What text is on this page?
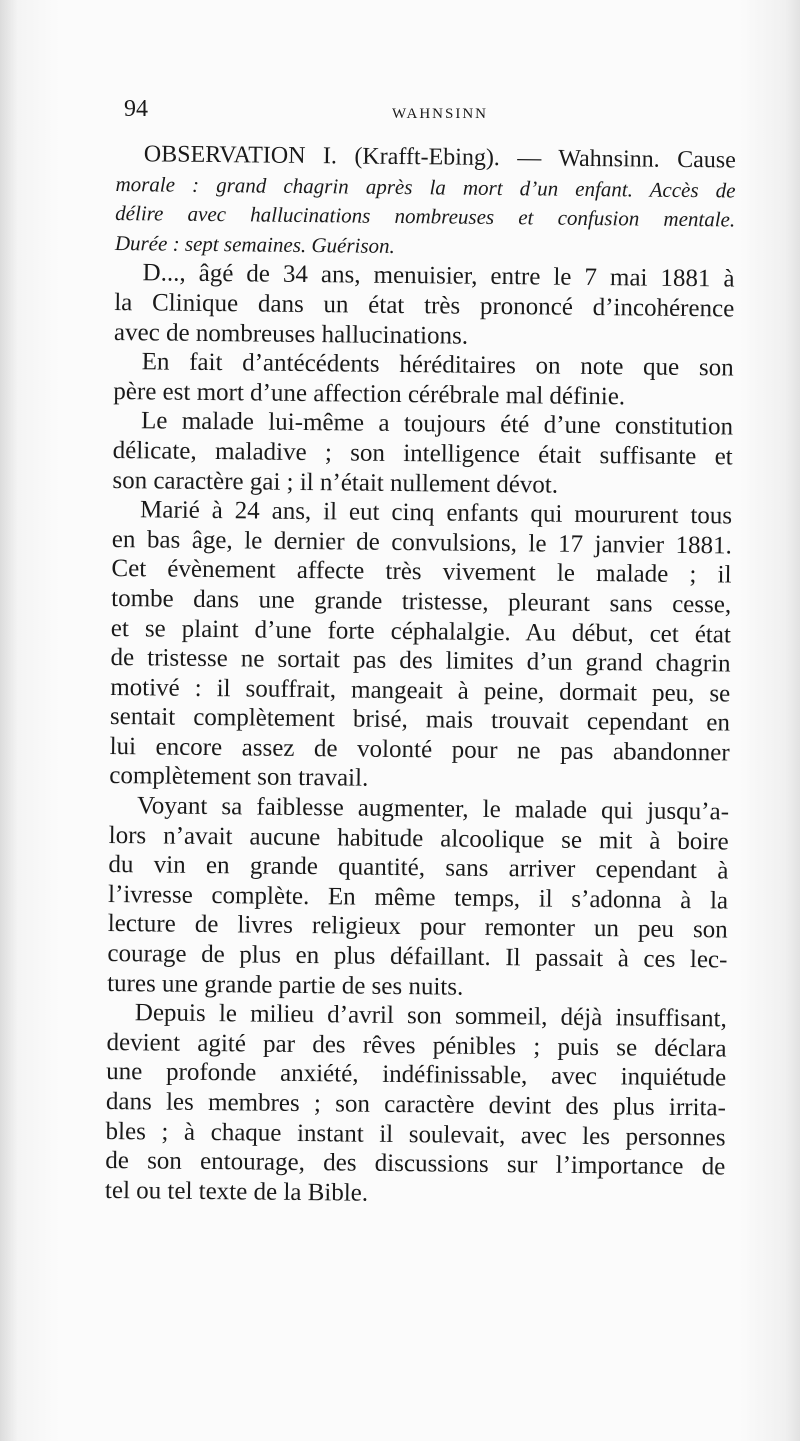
94	WAHNSINN
OBSERVATION I. (Krafft-Ebing). — Wahnsinn. Cause
morale : grand chagrin après la mort d’un enfant. Accès de
délire avec hallucinations nombreuses et confusion mentale.
Durée : sept semaines. Guérison.
D..., âgé de 34 ans, menuisier, entre le 7 mai 1881 à
la Clinique dans un état très prononcé d’incohérence
avec de nombreuses hallucinations.
En fait d’antécédents héréditaires on note que son
père est mort d’une affection cérébrale mal définie.
Le malade lui-même a toujours été d’une constitution
délicate, maladive ; son intelligence était suffisante et
son caractère gai ; il n’était nullement dévot.
Marié à 24 ans, il eut cinq enfants qui moururent tous
en bas âge, le dernier de convulsions, le 17 janvier 1881.
Cet évènement affecte très vivement le malade ; il
tombe dans une grande tristesse, pleurant sans cesse,
et se plaint d’une forte céphalalgie. Au début, cet état
de tristesse ne sortait pas des limites d’un grand chagrin
motivé : il souffrait, mangeait à peine, dormait peu, se
sentait complètement brisé, mais trouvait cependant en
lui encore assez de volonté pour ne pas abandonner
complètement son travail.
Voyant sa faiblesse augmenter, le malade qui jusqu’a-
lors n’avait aucune habitude alcoolique se mit à boire
du vin en grande quantité, sans arriver cependant à
l’ivresse complète. En même temps, il s’adonna à la
lecture de livres religieux pour remonter un peu son
courage de plus en plus défaillant. Il passait à ces lec-
tures une grande partie de ses nuits.
Depuis le milieu d’avril son sommeil, déjà insuffisant,
devient agité par des rêves pénibles ; puis se déclara
une profonde anxiété, indéfinissable, avec inquiétude
dans les membres ; son caractère devint des plus irrita-
bles ; à chaque instant il soulevait, avec les personnes
de son entourage, des discussions sur l’importance de
tel ou tel texte de la Bible.
